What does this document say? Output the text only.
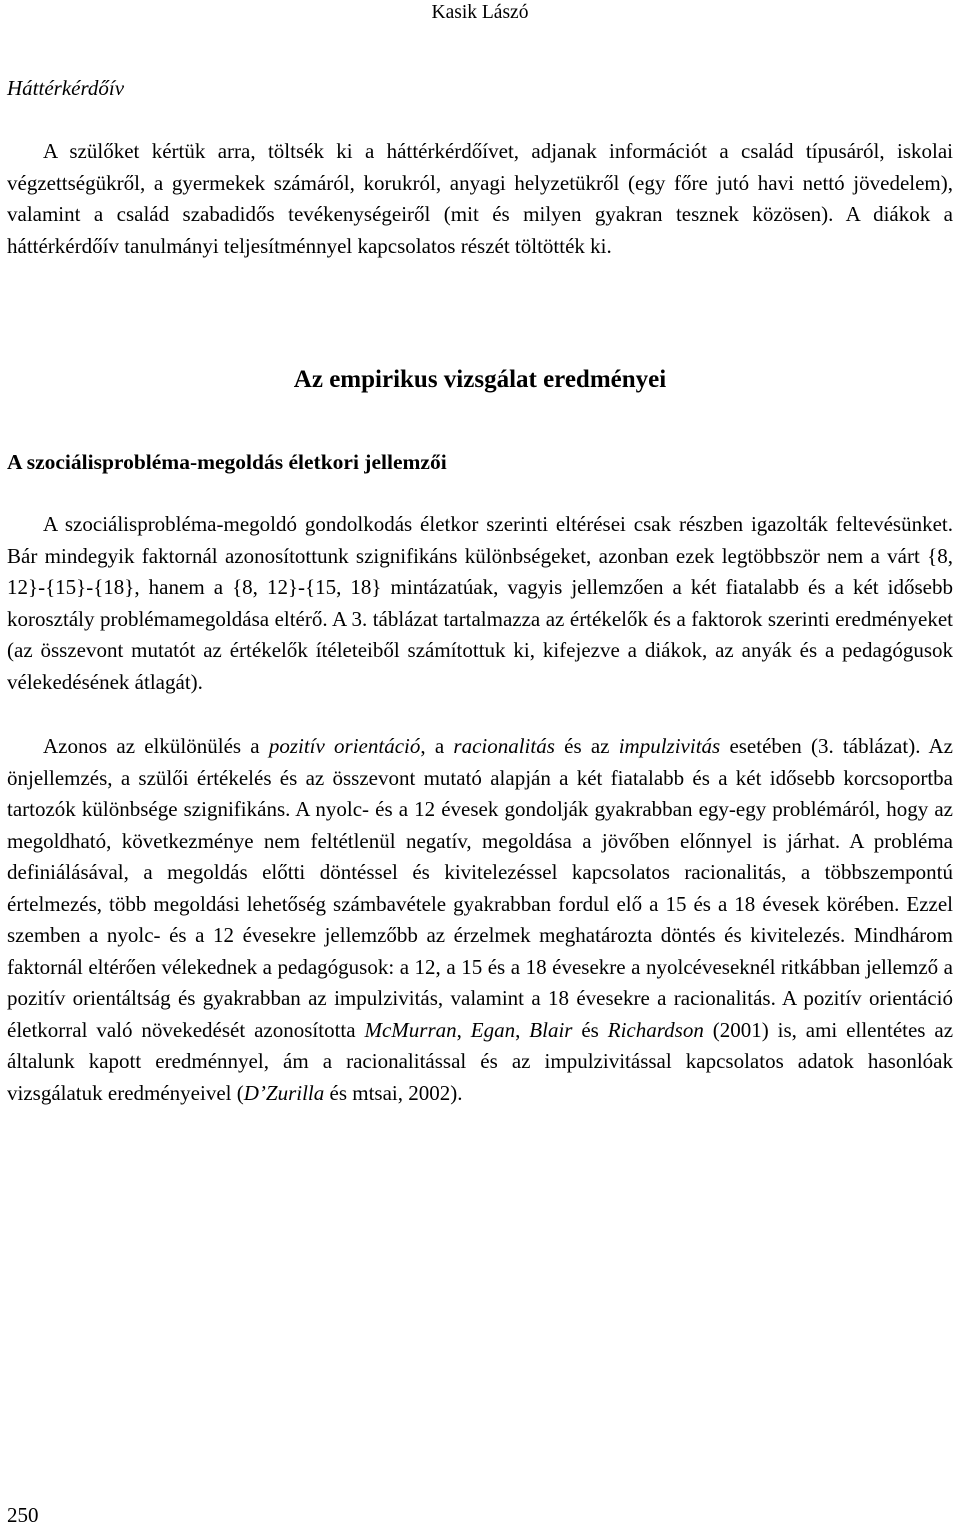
Kasik Lászó
Háttérkérdőív

A szülőket kértük arra, töltsék ki a háttérkérdőívet, adjanak információt a család típusáról, iskolai végzettségükről, a gyermekek számáról, korukról, anyagi helyzetükről (egy főre jutó havi nettó jövedelem), valamint a család szabadidős tevékenységeiről (mit és milyen gyakran tesznek közösen). A diákok a háttérkérdőív tanulmányi teljesítménnyel kapcsolatos részét töltötték ki.

Az empirikus vizsgálat eredményei
A szociálisprobléma-megoldás életkori jellemzői

A szociálisprobléma-megoldó gondolkodás életkor szerinti eltérései csak részben igazolták feltevésünket. Bár mindegyik faktornál azonosítottunk szignifikáns különbségeket, azonban ezek legtöbbször nem a várt {8, 12}-{15}-{18}, hanem a {8, 12}-{15, 18} mintázatúak, vagyis jellemzően a két fiatalabb és a két idősebb korosztály problémamegoldása eltérő. A 3. táblázat tartalmazza az értékelők és a faktorok szerinti eredményeket (az összevont mutatót az értékelők ítéleteiből számítottuk ki, kifejezve a diákok, az anyák és a pedagógusok vélekedésének átlagát).

Azonos az elkülönülés a pozitív orientáció, a racionalitás és az impulzivitás esetében (3. táblázat). Az önjellemzés, a szülői értékelés és az összevont mutató alapján a két fiatalabb és a két idősebb korcsoportba tartozók különbsége szignifikáns. A nyolc- és a 12 évesek gondolják gyakrabban egy-egy problémáról, hogy az megoldható, következménye nem feltétlenül negatív, megoldása a jövőben előnnyel is járhat. A probléma definiálásával, a megoldás előtti döntéssel és kivitelezéssel kapcsolatos racionalitás, a többszempontú értelmezés, több megoldási lehetőség számbavétele gyakrabban fordul elő a 15 és a 18 évesek körében. Ezzel szemben a nyolc- és a 12 évesekre jellemzőbb az érzelmek meghatározta döntés és kivitelezés. Mindhárom faktornál eltérően vélekednek a pedagógusok: a 12, a 15 és a 18 évesekre a nyolcéveseknél ritkábban jellemző a pozitív orientáltság és gyakrabban az impulzivitás, valamint a 18 évesekre a racionalitás. A pozitív orientáció életkorral való növekedését azonosította McMurran, Egan, Blair és Richardson (2001) is, ami ellentétes az általunk kapott eredménnyel, ám a racionalitással és az impulzivitással kapcsolatos adatok hasonlóak vizsgálatuk eredményeivel (D’Zurilla és mtsai, 2002).

250
